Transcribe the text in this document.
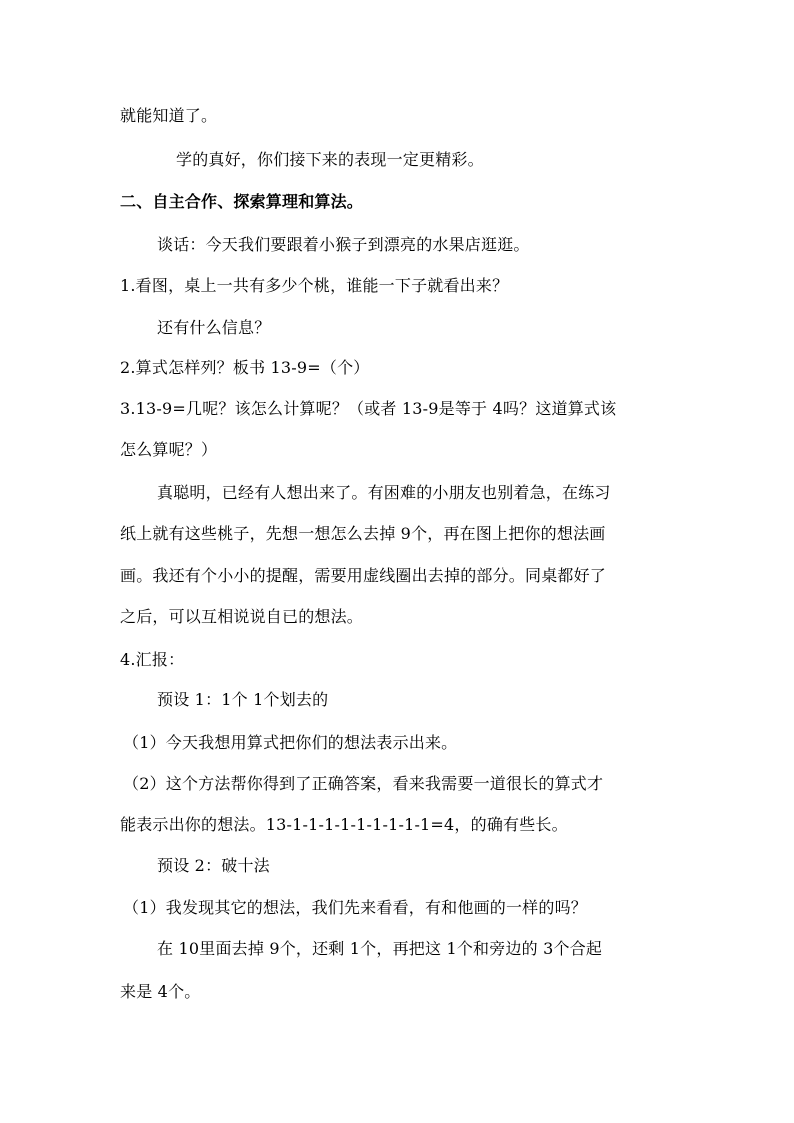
就能知道了。
学的真好，你们接下来的表现一定更精彩。
二、自主合作、探索算理和算法。
谈话：今天我们要跟着小猴子到漂亮的水果店逛逛。
1.看图，桌上一共有多少个桃，谁能一下子就看出来？
还有什么信息？
2.算式怎样列？板书 13-9=（个）
3.13-9=几呢？该怎么计算呢？（或者 13-9是等于 4吗？这道算式该
怎么算呢？）
真聪明，已经有人想出来了。有困难的小朋友也别着急，在练习
纸上就有这些桃子，先想一想怎么去掉 9个，再在图上把你的想法画
画。我还有个小小的提醒，需要用虚线圈出去掉的部分。同桌都好了
之后，可以互相说说自已的想法。
4.汇报：
预设 1：1个 1个划去的
（1）今天我想用算式把你们的想法表示出来。
（2）这个方法帮你得到了正确答案，看来我需要一道很长的算式才
能表示出你的想法。13-1-1-1-1-1-1-1-1-1=4，的确有些长。
预设 2：破十法
（1）我发现其它的想法，我们先来看看，有和他画的一样的吗？
在 10里面去掉 9个，还剩 1个，再把这 1个和旁边的 3个合起
来是 4个。
